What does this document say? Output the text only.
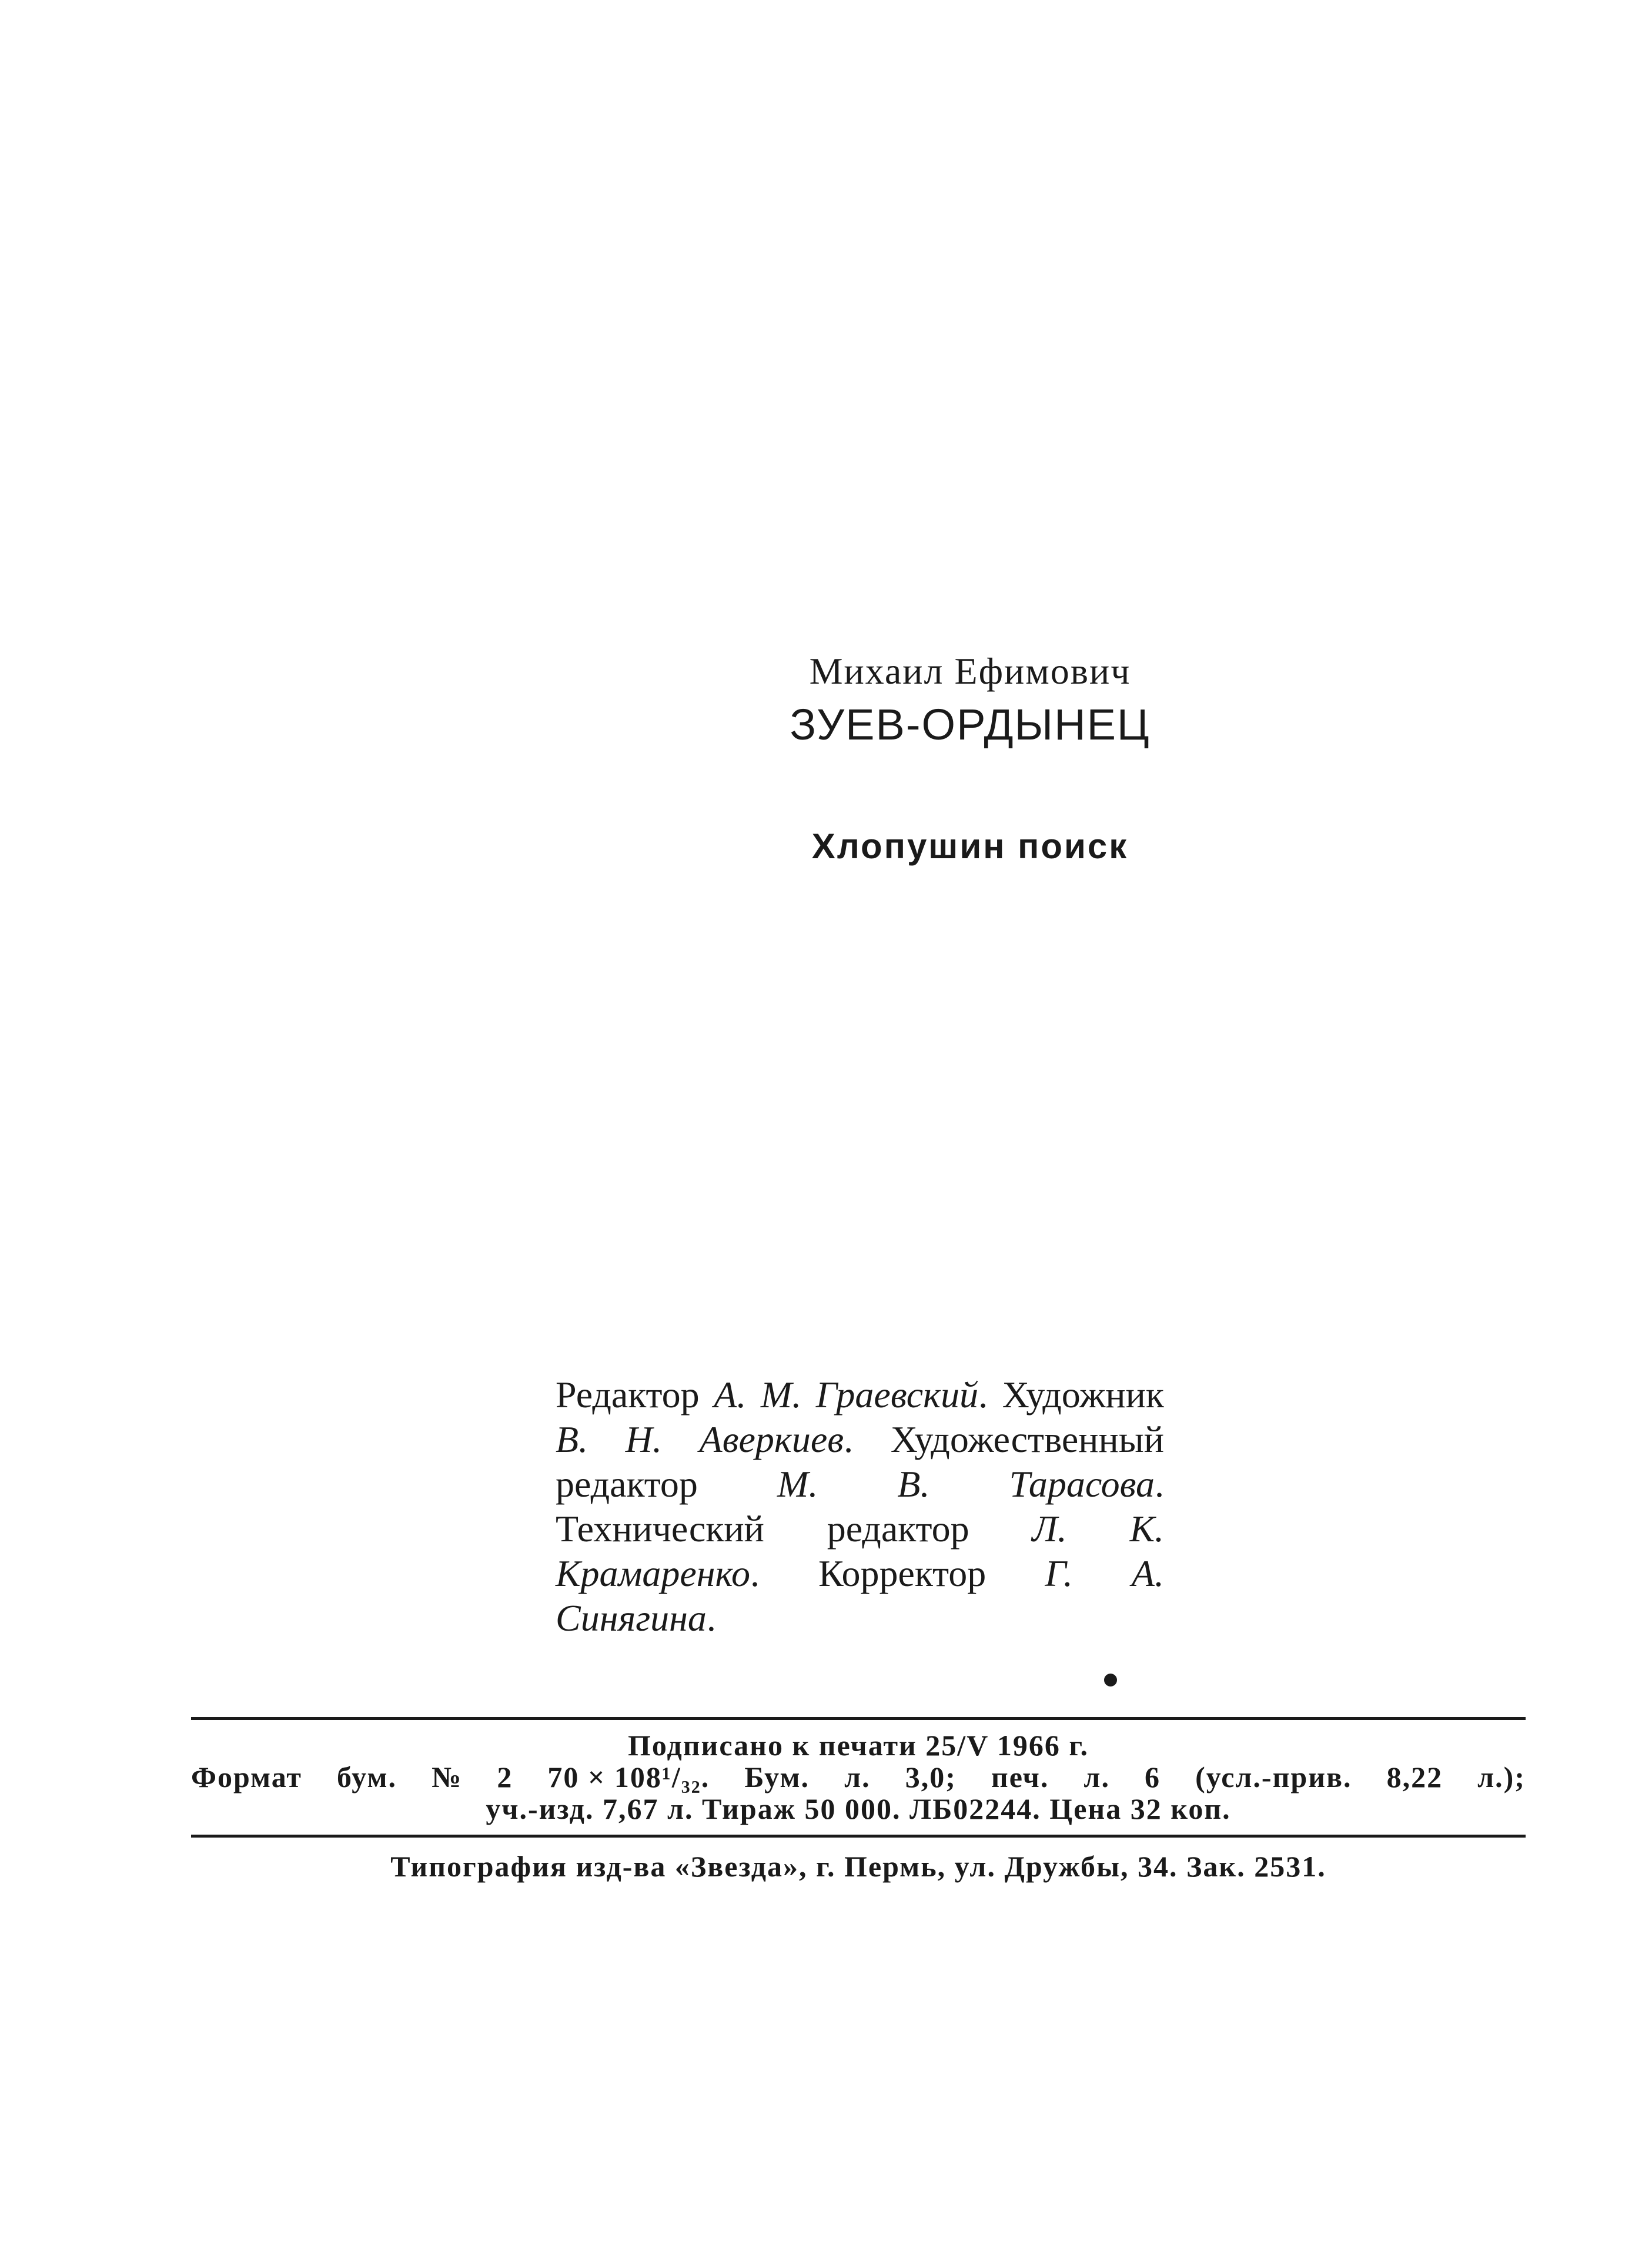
Михаил Ефимович
ЗУЕВ-ОРДЫНЕЦ
Хлопушин поиск
Редактор А. М. Граевский. Художник В. Н. Аверкиев. Художественный редактор М. В. Тарасова. Технический редактор Л. К. Крамаренко. Корректор Г. А. Синягина.
Подписано к печати 25/V 1966 г.
Формат бум. № 2 70 × 108¹/₃₂. Бум. л. 3,0; печ. л. 6 (усл.-прив. 8,22 л.);
уч.-изд. 7,67 л. Тираж 50 000. ЛБ02244. Цена 32 коп.
Типография изд-ва «Звезда», г. Пермь, ул. Дружбы, 34. Зак. 2531.
